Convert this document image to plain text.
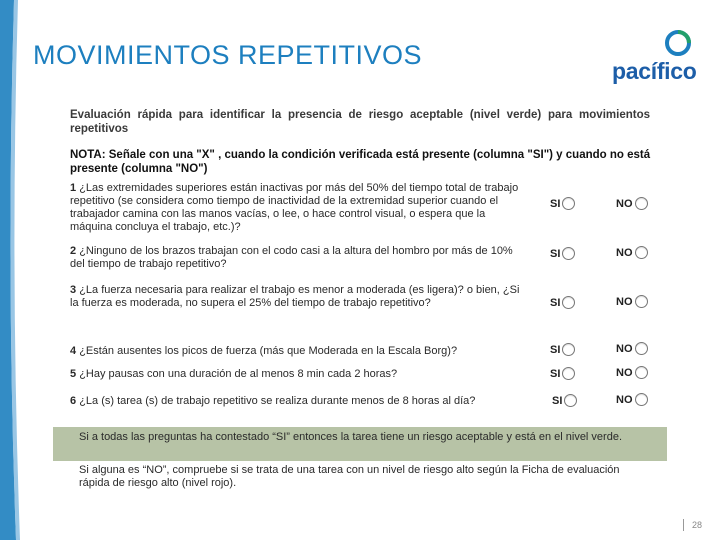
MOVIMIENTOS REPETITIVOS
pacífico
Evaluación rápida para identificar la presencia de riesgo aceptable (nivel verde) para movimientos repetitivos
NOTA: Señale con una "X" , cuando la condición verificada está presente (columna "SI") y cuando no está presente (columna "NO")
1 ¿Las extremidades superiores están inactivas por más del 50% del tiempo total de trabajo repetitivo (se considera como tiempo de inactividad de la extremidad superior cuando el trabajador camina con las manos vacías, o lee, o hace control visual, o espera que la máquina concluya el trabajo, etc.)?
SI	NO
2 ¿Ninguno de los brazos trabajan con el codo casi a la altura del hombro por más de 10% del tiempo de trabajo repetitivo?
SI	NO
3 ¿La fuerza necesaria para realizar el trabajo es menor a moderada (es ligera)? o bien, ¿Si la fuerza es moderada, no supera el 25% del tiempo de trabajo repetitivo?	SI	NO
4 ¿Están ausentes los picos de fuerza (más que Moderada en la Escala Borg)?	SI	NO
5 ¿Hay pausas con una duración de al menos 8 min cada 2 horas?	SI	NO
6 ¿La (s) tarea (s) de trabajo repetitivo se realiza durante menos de 8 horas al día?	SI	NO
Si a todas las preguntas ha contestado “SI” entonces la tarea tiene un riesgo aceptable y está en el nivel verde.
Si alguna es “NO”, compruebe si se trata de una tarea con un nivel de riesgo alto según la Ficha de evaluación rápida de riesgo alto (nivel rojo).
28
